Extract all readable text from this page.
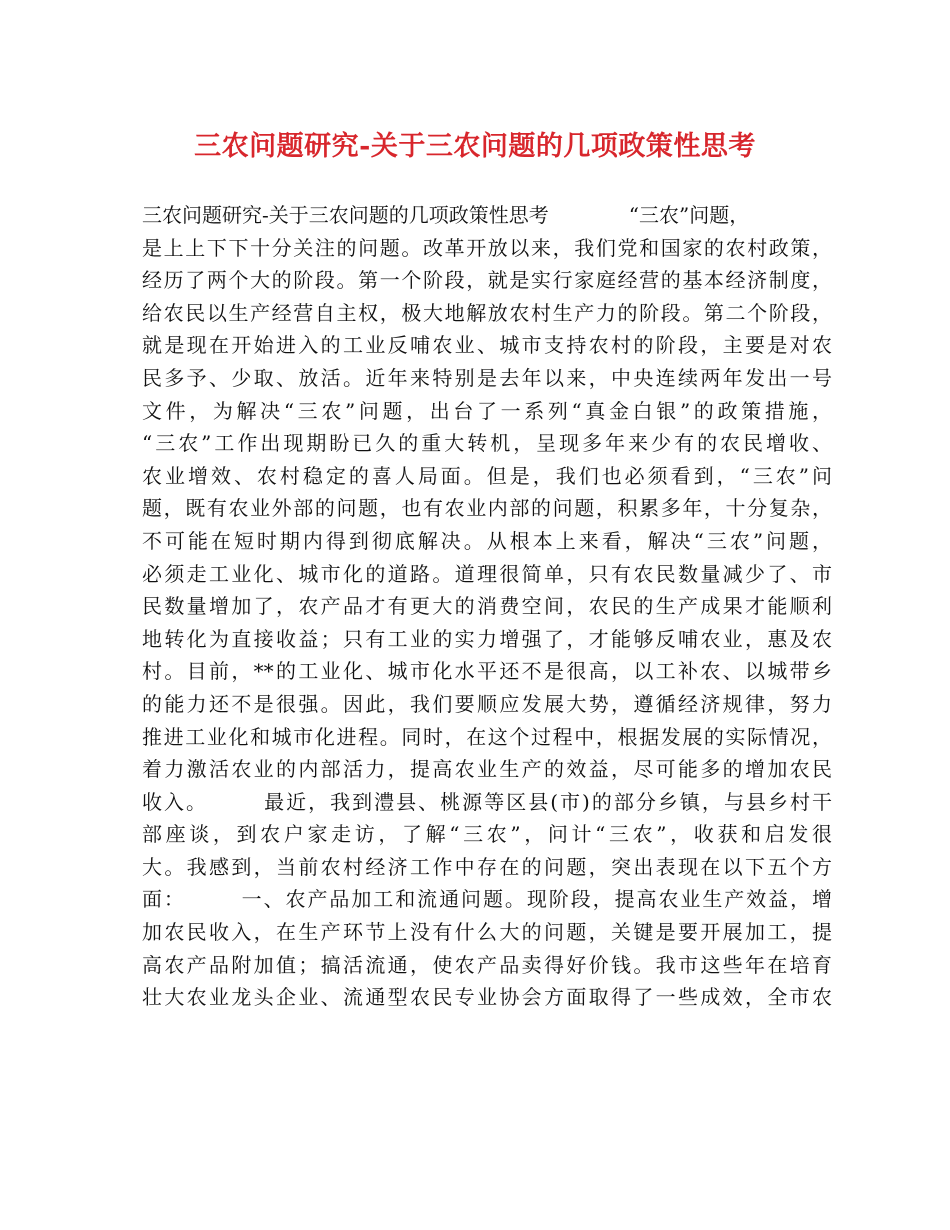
三农问题研究-关于三农问题的几项政策性思考
三农问题研究-关于三农问题的几项政策性思考　　　　“三农”问题，
是上上下下十分关注的问题。改革开放以来，我们党和国家的农村政策，
经历了两个大的阶段。第一个阶段，就是实行家庭经营的基本经济制度，
给农民以生产经营自主权，极大地解放农村生产力的阶段。第二个阶段，
就是现在开始进入的工业反哺农业、城市支持农村的阶段，主要是对农
民多予、少取、放活。近年来特别是去年以来，中央连续两年发出一号
文件，为解决“三农”问题，出台了一系列“真金白银”的政策措施，
“三农”工作出现期盼已久的重大转机，呈现多年来少有的农民增收、
农业增效、农村稳定的喜人局面。但是，我们也必须看到，“三农”问
题，既有农业外部的问题，也有农业内部的问题，积累多年，十分复杂，
不可能在短时期内得到彻底解决。从根本上来看，解决“三农”问题，
必须走工业化、城市化的道路。道理很简单，只有农民数量减少了、市
民数量增加了，农产品才有更大的消费空间，农民的生产成果才能顺利
地转化为直接收益；只有工业的实力增强了，才能够反哺农业，惠及农
村。目前，**的工业化、城市化水平还不是很高，以工补农、以城带乡
的能力还不是很强。因此，我们要顺应发展大势，遵循经济规律，努力
推进工业化和城市化进程。同时，在这个过程中，根据发展的实际情况，
着力激活农业的内部活力，提高农业生产的效益，尽可能多的增加农民
收入。　　　最近，我到澧县、桃源等区县(市)的部分乡镇，与县乡村干
部座谈，到农户家走访，了解“三农”，问计“三农”，收获和启发很
大。我感到，当前农村经济工作中存在的问题，突出表现在以下五个方
面：　　　一、农产品加工和流通问题。现阶段，提高农业生产效益，增
加农民收入，在生产环节上没有什么大的问题，关键是要开展加工，提
高农产品附加值；搞活流通，使农产品卖得好价钱。我市这些年在培育
壮大农业龙头企业、流通型农民专业协会方面取得了一些成效，全市农
